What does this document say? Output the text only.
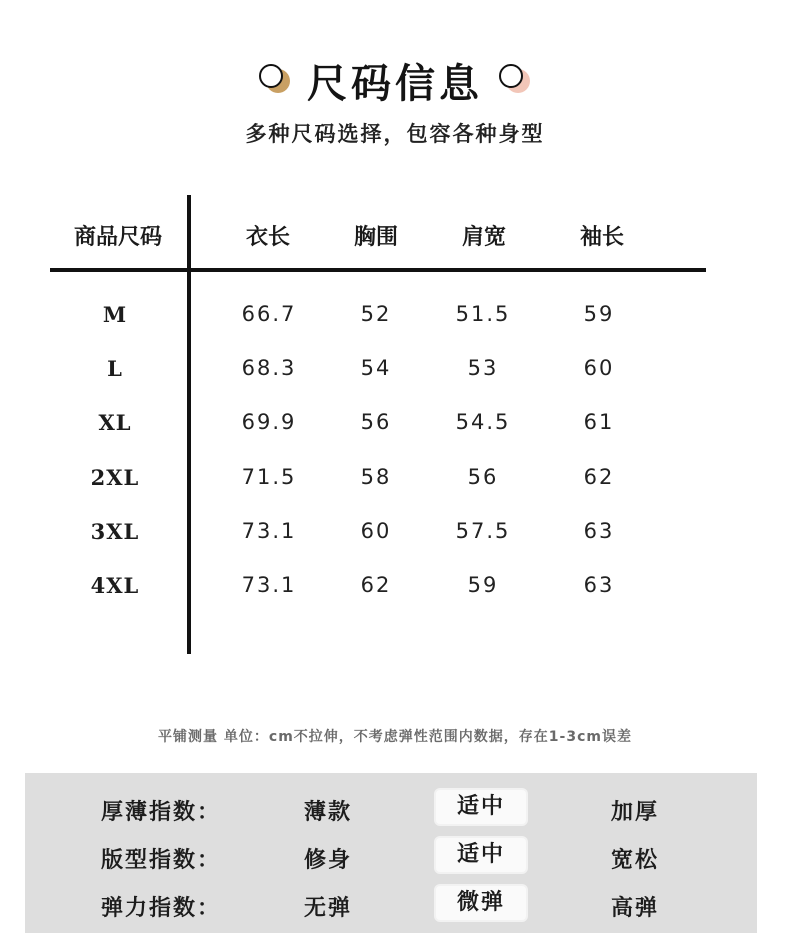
尺码信息
多种尺码选择，包容各种身型
商品尺码	衣长	胸围	肩宽	袖长
M	66.7	52	51.5	59
L	68.3	54	53	60
XL	69.9	56	54.5	61
2XL	71.5	58	56	62
3XL	73.1	60	57.5	63
4XL	73.1	62	59	63
平铺测量 单位：cm不拉伸，不考虑弹性范围内数据，存在1-3cm误差
厚薄指数：	薄款	适中	加厚
版型指数：	修身	适中	宽松
弹力指数：	无弹	微弹	高弹
